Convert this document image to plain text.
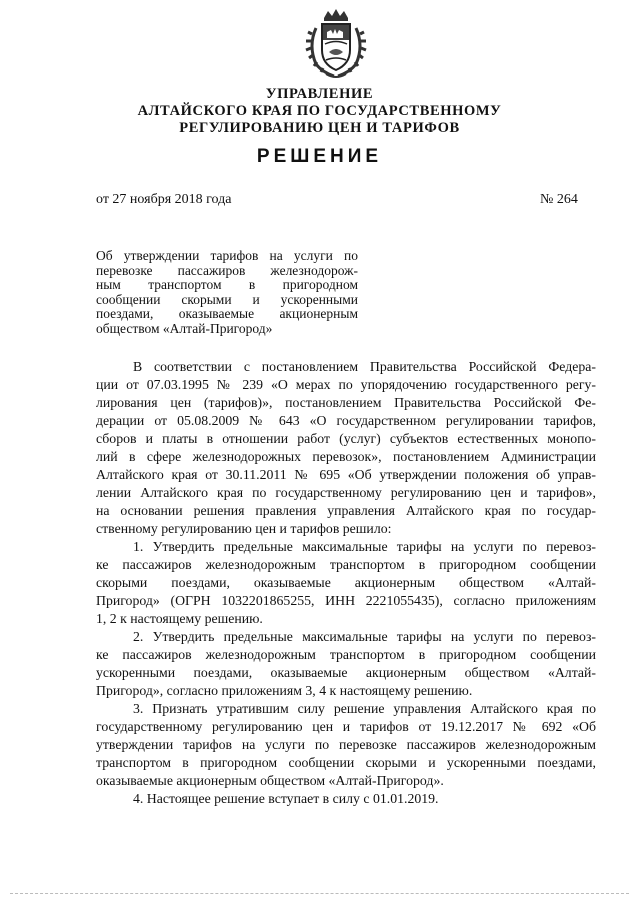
УПРАВЛЕНИЕ
АЛТАЙСКОГО КРАЯ ПО ГОСУДАРСТВЕННОМУ
РЕГУЛИРОВАНИЮ ЦЕН И ТАРИФОВ
РЕШЕНИЕ
от 27 ноября 2018 года	№ 264
Об утверждении тарифов на услуги по
перевозке пассажиров железнодорож-
ным транспортом в пригородном
сообщении скорыми и ускоренными
поездами, оказываемые акционерным
обществом «Алтай-Пригород»
В соответствии с постановлением Правительства Российской Федера-
ции от 07.03.1995 № 239 «О мерах по упорядочению государственного регу-
лирования цен (тарифов)», постановлением Правительства Российской Фе-
дерации от 05.08.2009 № 643 «О государственном регулировании тарифов,
сборов и платы в отношении работ (услуг) субъектов естественных монопо-
лий в сфере железнодорожных перевозок», постановлением Администрации
Алтайского края от 30.11.2011 № 695 «Об утверждении положения об управ-
лении Алтайского края по государственному регулированию цен и тарифов»,
на основании решения правления управления Алтайского края по государ-
ственному регулированию цен и тарифов решило:
1. Утвердить предельные максимальные тарифы на услуги по перевоз-
ке пассажиров железнодорожным транспортом в пригородном сообщении
скорыми поездами, оказываемые акционерным обществом «Алтай-
Пригород» (ОГРН 1032201865255, ИНН 2221055435), согласно приложениям
1, 2 к настоящему решению.
2. Утвердить предельные максимальные тарифы на услуги по перевоз-
ке пассажиров железнодорожным транспортом в пригородном сообщении
ускоренными поездами, оказываемые акционерным обществом «Алтай-
Пригород», согласно приложениям 3, 4 к настоящему решению.
3. Признать утратившим силу решение управления Алтайского края по
государственному регулированию цен и тарифов от 19.12.2017 № 692 «Об
утверждении тарифов на услуги по перевозке пассажиров железнодорожным
транспортом в пригородном сообщении скорыми и ускоренными поездами,
оказываемые акционерным обществом «Алтай-Пригород».
4. Настоящее решение вступает в силу с 01.01.2019.
